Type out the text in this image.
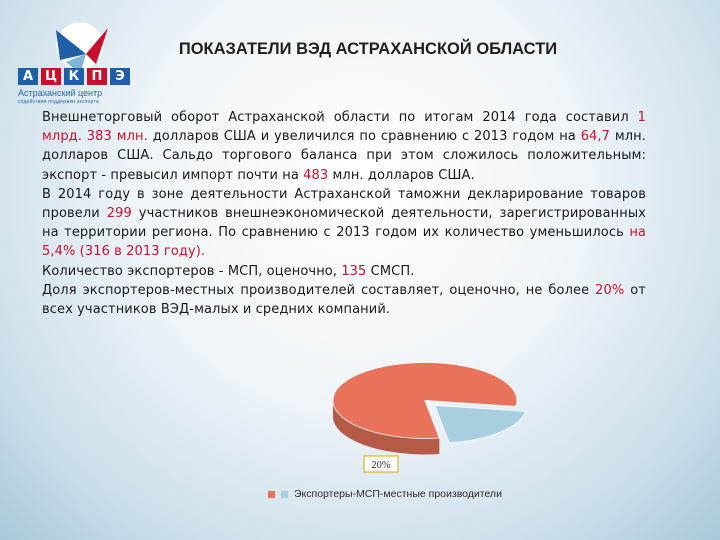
А Ц К П Э
Астраханский центр
содействия поддержки экспорта
ПОКАЗАТЕЛИ ВЭД АСТРАХАНСКОЙ ОБЛАСТИ

Внешнеторговый оборот Астраханской области по итогам 2014 года составил 1 млрд. 383 млн. долларов США и увеличился по сравнению с 2013 годом на 64,7 млн. долларов США. Сальдо торгового баланса при этом сложилось положительным: экспорт - превысил импорт почти на 483 млн. долларов США.

В 2014 году в зоне деятельности Астраханской таможни декларирование товаров провели 299 участников внешнеэкономической деятельности, зарегистрированных на территории региона. По сравнению с 2013 годом их количество уменьшилось на 5,4% (316 в 2013 году).

Количество экспортеров - МСП, оценочно, 135 СМСП.

Доля экспортеров-местных производителей составляет, оценочно, не более 20% от всех участников ВЭД-малых и средних компаний.

20%
Экспортеры-МСП-местные производители
